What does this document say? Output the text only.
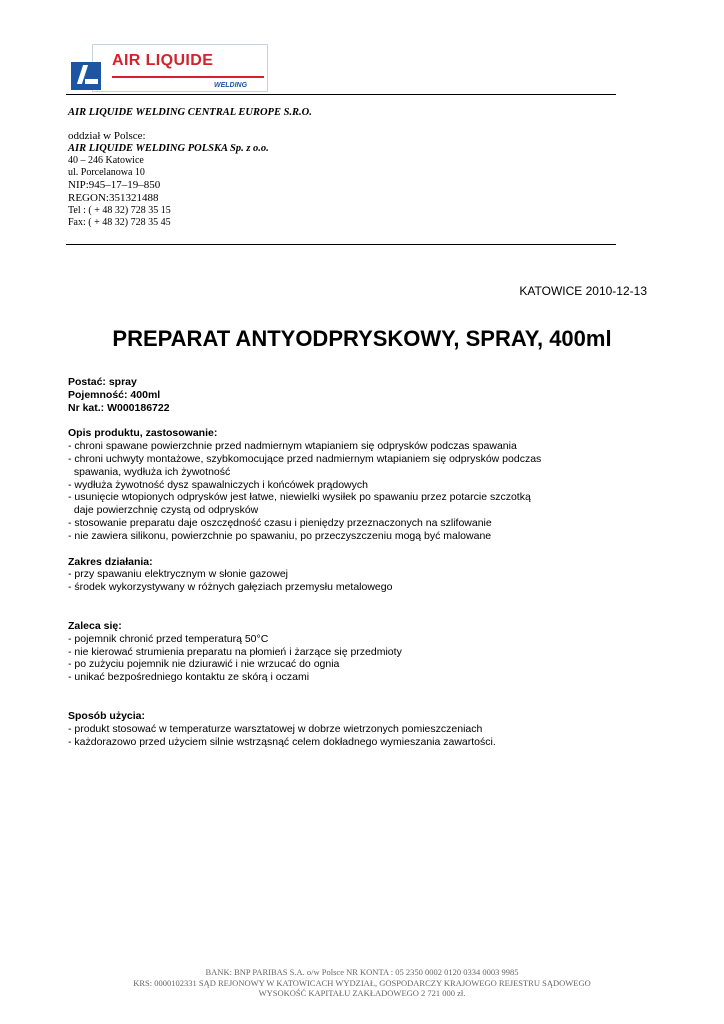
AIR LIQUIDE
WELDING
AIR LIQUIDE WELDING CENTRAL EUROPE S.R.O.
oddział w Polsce:
AIR LIQUIDE WELDING POLSKA Sp. z o.o.
40 – 246 Katowice
ul. Porcelanowa 10
NIP:945–17–19–850
REGON:351321488
Tel : ( + 48 32) 728 35 15
Fax: ( + 48 32) 728 35 45
KATOWICE 2010-12-13
PREPARAT ANTYODPRYSKOWY, SPRAY, 400ml
Postać: spray
Pojemność: 400ml
Nr kat.: W000186722
Opis produktu, zastosowanie:
- chroni spawane powierzchnie przed nadmiernym wtapianiem się odprysków podczas spawania
- chroni uchwyty montażowe, szybkomocujące przed nadmiernym wtapianiem się odprysków podczas
spawania, wydłuża ich żywotność
- wydłuża żywotność dysz spawalniczych i końcówek prądowych
- usunięcie wtopionych odprysków jest łatwe, niewielki wysiłek po spawaniu przez potarcie szczotką
daje powierzchnię czystą od odprysków
- stosowanie preparatu daje oszczędność czasu i pieniędzy przeznaczonych na szlifowanie
- nie zawiera silikonu, powierzchnie po spawaniu, po przeczyszczeniu mogą być malowane
Zakres działania:
- przy spawaniu elektrycznym w słonie gazowej
- środek wykorzystywany w różnych gałęziach przemysłu metalowego
Zaleca się:
- pojemnik chronić przed temperaturą 50°C
- nie kierować strumienia preparatu na płomień i żarzące się przedmioty
- po zużyciu pojemnik nie dziurawić i nie wrzucać do ognia
- unikać bezpośredniego kontaktu ze skórą i oczami
Sposób użycia:
- produkt stosować w temperaturze warsztatowej w dobrze wietrzonych pomieszczeniach
- każdorazowo przed użyciem silnie wstrząsnąć celem dokładnego wymieszania zawartości.
BANK: BNP PARIBAS S.A. o/w Polsce NR KONTA : 05 2350 0002 0120 0334 0003 9985
KRS: 0000102331 SĄD REJONOWY W KATOWICACH WYDZIAŁ, GOSPODARCZY KRAJOWEGO REJESTRU SĄDOWEGO
WYSOKOŚĆ KAPITAŁU ZAKŁADOWEGO 2 721 000 zł.
